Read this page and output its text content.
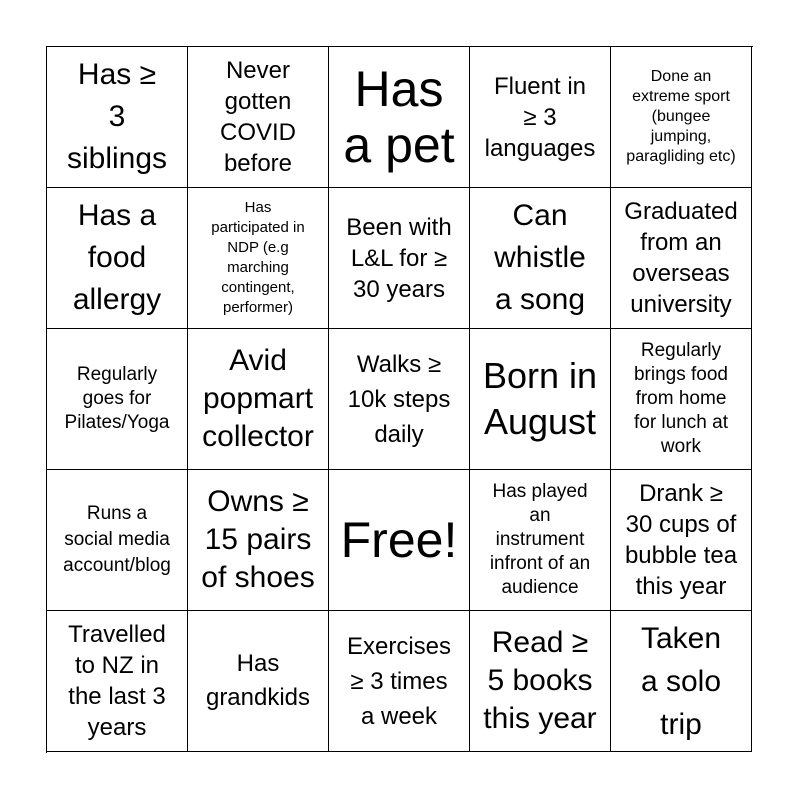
Has ≥
3
siblings
Never
gotten
COVID
before
Has
a pet
Fluent in
≥ 3
languages
Done an
extreme sport
(bungee
jumping,
paragliding etc)
Has a
food
allergy
Has
participated in
NDP (e.g
marching
contingent,
performer)
Been with
L&L for ≥
30 years
Can
whistle
a song
Graduated
from an
overseas
university
Regularly
goes for
Pilates/Yoga
Avid
popmart
collector
Walks ≥
10k steps
daily
Born in
August
Regularly
brings food
from home
for lunch at
work
Runs a
social media
account/blog
Owns ≥
15 pairs
of shoes
Free!
Has played
an
instrument
infront of an
audience
Drank ≥
30 cups of
bubble tea
this year
Travelled
to NZ in
the last 3
years
Has
grandkids
Exercises
≥ 3 times
a week
Read ≥
5 books
this year
Taken
a solo
trip
